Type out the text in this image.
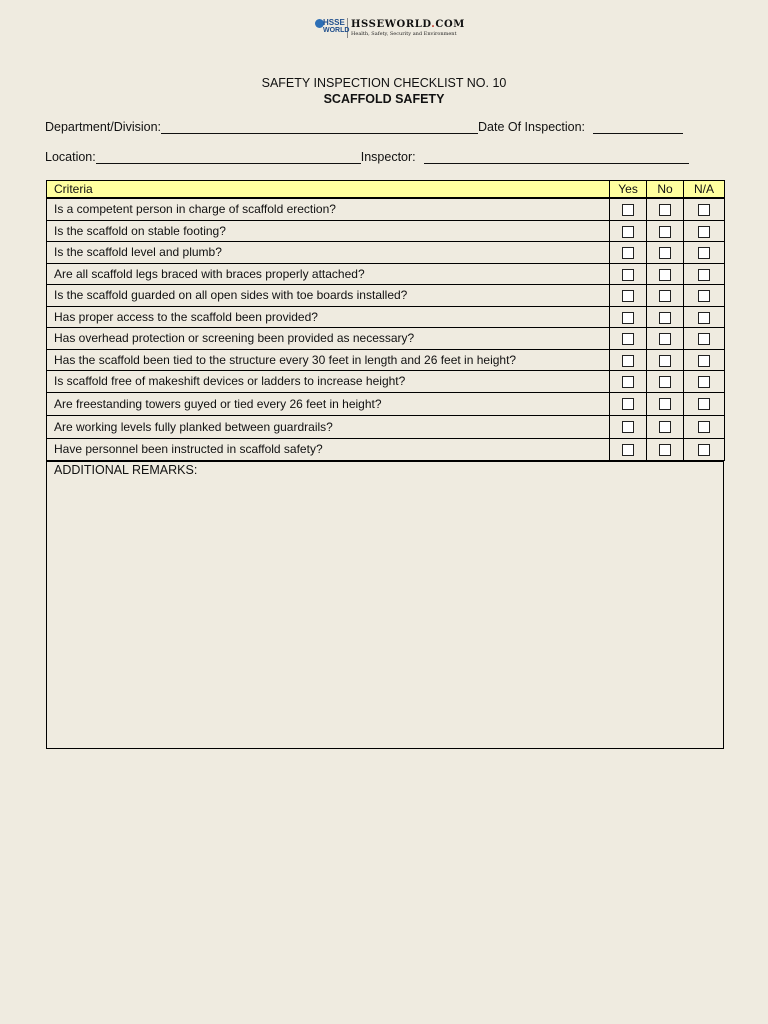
HSSE
WORLD
HSSEWORLD.COM
Health, Safety, Security and Environment
SAFETY INSPECTION CHECKLIST NO. 10
SCAFFOLD SAFETY
Department/Division:	Date Of Inspection:
Location:	Inspector:
Criteria	Yes	No	N/A
Is a competent person in charge of scaffold erection?			
Is the scaffold on stable footing?			
Is the scaffold level and plumb?			
Are all scaffold legs braced with braces properly attached?			
Is the scaffold guarded on all open sides with toe boards installed?			
Has proper access to the scaffold been provided?			
Has overhead protection or screening been provided as necessary?			
Has the scaffold been tied to the structure every 30 feet in length and 26 feet in height?			
Is scaffold free of makeshift devices or ladders to increase height?			
Are freestanding towers guyed or tied every 26 feet in height?			
Are working levels fully planked between guardrails?			
Have personnel been instructed in scaffold safety?			
ADDITIONAL REMARKS:
